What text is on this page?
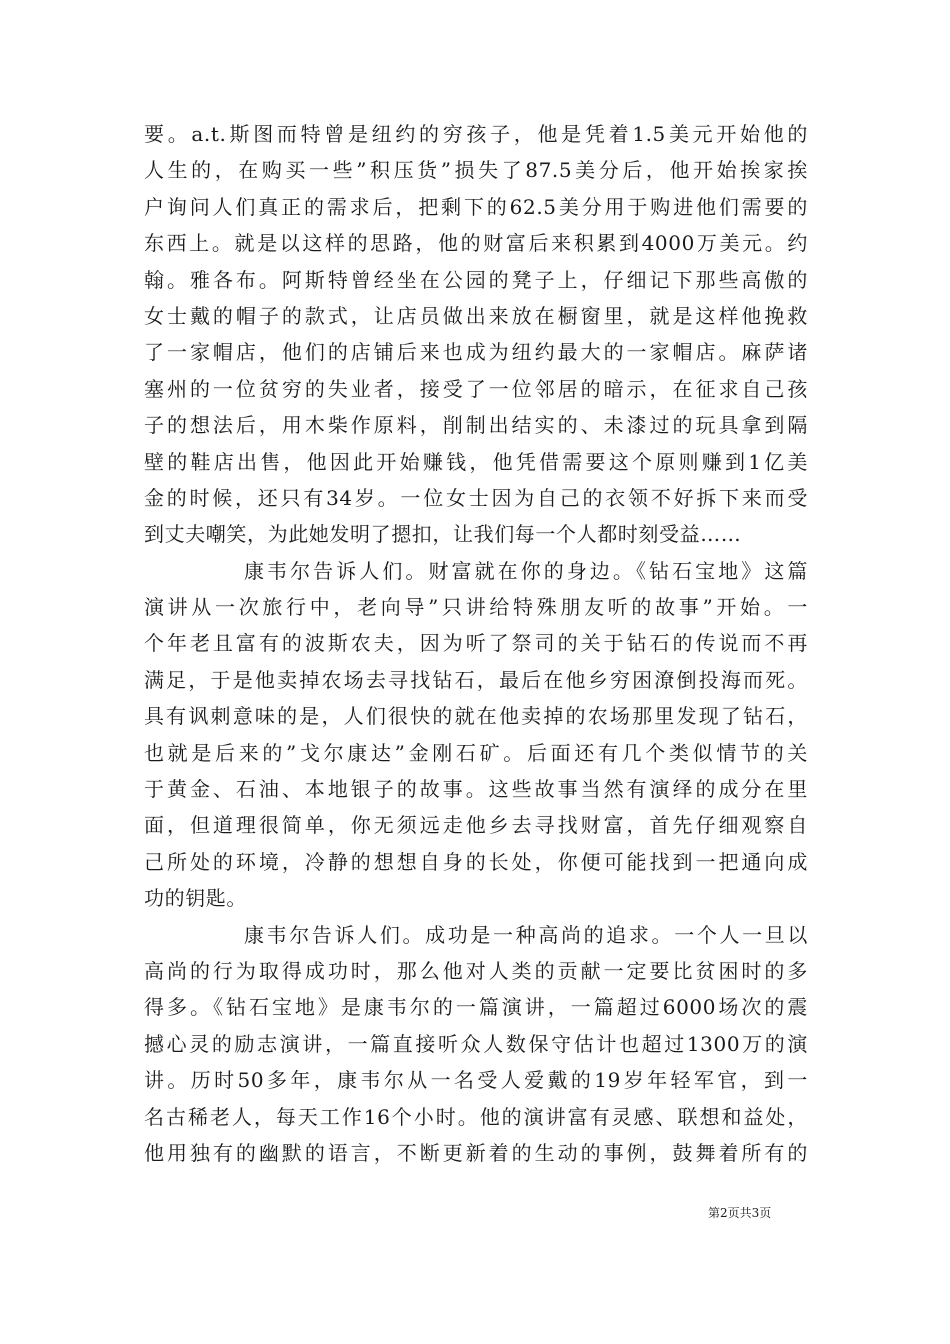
要。a.t.斯图而特曾是纽约的穷孩子，他是凭着1.5美元开始他的
人生的，在购买一些”积压货”损失了87.5美分后，他开始挨家挨
户询问人们真正的需求后，把剩下的62.5美分用于购进他们需要的
东西上。就是以这样的思路，他的财富后来积累到4000万美元。约
翰。雅各布。阿斯特曾经坐在公园的凳子上，仔细记下那些高傲的
女士戴的帽子的款式，让店员做出来放在橱窗里，就是这样他挽救
了一家帽店，他们的店铺后来也成为纽约最大的一家帽店。麻萨诸
塞州的一位贫穷的失业者，接受了一位邻居的暗示，在征求自己孩
子的想法后，用木柴作原料，削制出结实的、未漆过的玩具拿到隔
壁的鞋店出售，他因此开始赚钱，他凭借需要这个原则赚到1亿美
金的时候，还只有34岁。一位女士因为自己的衣领不好拆下来而受
到丈夫嘲笑，为此她发明了摁扣，让我们每一个人都时刻受益……
康韦尔告诉人们。财富就在你的身边。《钻石宝地》这篇
演讲从一次旅行中，老向导”只讲给特殊朋友听的故事”开始。一
个年老且富有的波斯农夫，因为听了祭司的关于钻石的传说而不再
满足，于是他卖掉农场去寻找钻石，最后在他乡穷困潦倒投海而死。
具有讽刺意味的是，人们很快的就在他卖掉的农场那里发现了钻石，
也就是后来的”戈尔康达”金刚石矿。后面还有几个类似情节的关
于黄金、石油、本地银子的故事。这些故事当然有演绎的成分在里
面，但道理很简单，你无须远走他乡去寻找财富，首先仔细观察自
己所处的环境，冷静的想想自身的长处，你便可能找到一把通向成
功的钥匙。
康韦尔告诉人们。成功是一种高尚的追求。一个人一旦以
高尚的行为取得成功时，那么他对人类的贡献一定要比贫困时的多
得多。《钻石宝地》是康韦尔的一篇演讲，一篇超过6000场次的震
撼心灵的励志演讲，一篇直接听众人数保守估计也超过1300万的演
讲。历时50多年，康韦尔从一名受人爱戴的19岁年轻军官，到一
名古稀老人，每天工作16个小时。他的演讲富有灵感、联想和益处，
他用独有的幽默的语言，不断更新着的生动的事例，鼓舞着所有的
第2页共3页
